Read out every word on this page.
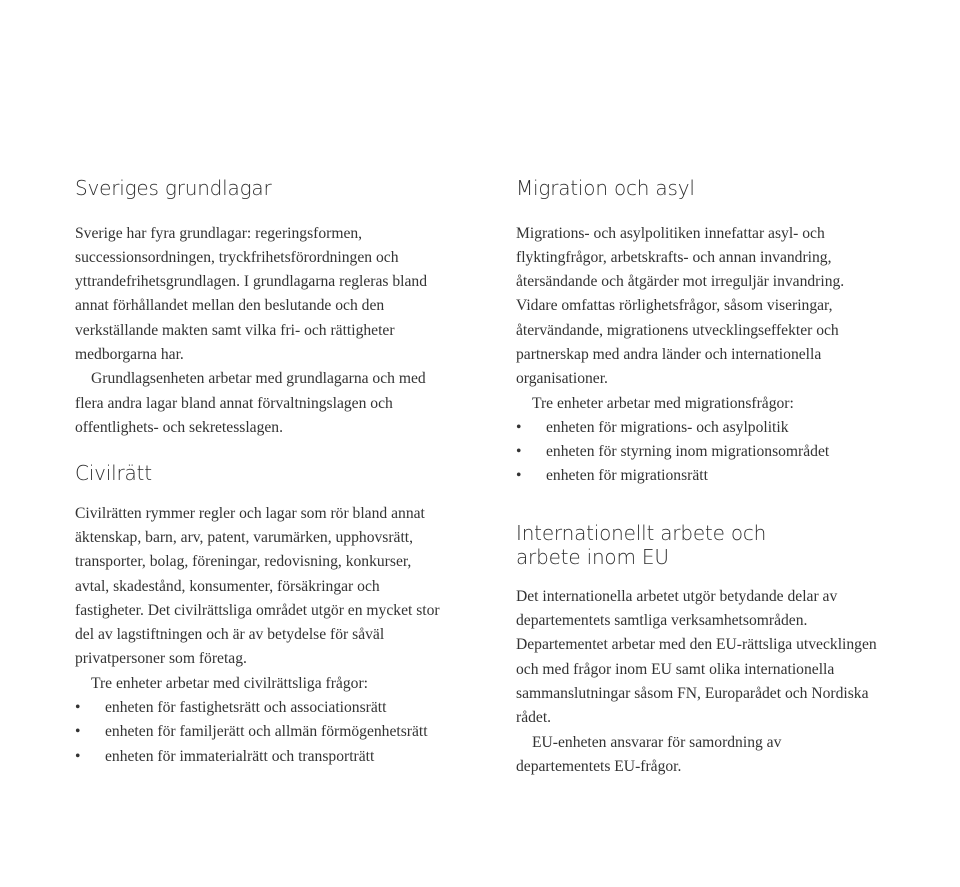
Sveriges grundlagar

Sverige har fyra grundlagar: regeringsformen, successionsordningen, tryckfrihetsförordningen och yttrandefrihetsgrundlagen. I grundlagarna regleras bland annat förhållandet mellan den beslutande och den verkställande makten samt vilka fri- och rättigheter medborgarna har.

Grundlagsenheten arbetar med grundlagarna och med flera andra lagar bland annat förvaltningslagen och offentlighets- och sekretesslagen.

Civilrätt

Civilrätten rymmer regler och lagar som rör bland annat äktenskap, barn, arv, patent, varumärken, upphovsrätt, transporter, bolag, föreningar, redovisning, konkurser, avtal, skadestånd, konsumenter, försäkringar och fastigheter. Det civilrättsliga området utgör en mycket stor del av lagstiftningen och är av betydelse för såväl privatpersoner som företag.

Tre enheter arbetar med civilrättsliga frågor:

• enheten för fastighetsrätt och associationsrätt
• enheten för familjerätt och allmän förmögenhetsrätt
• enheten för immaterialrätt och transporträtt
Migration och asyl

Migrations- och asylpolitiken innefattar asyl- och flyktingfrågor, arbetskrafts- och annan invandring, återsändande och åtgärder mot irreguljär invandring. Vidare omfattas rörlighetsfrågor, såsom viseringar, återvändande, migrationens utvecklingseffekter och partnerskap med andra länder och internationella organisationer.

Tre enheter arbetar med migrationsfrågor:

• enheten för migrations- och asylpolitik
• enheten för styrning inom migrationsområdet
• enheten för migrationsrätt
Internationellt arbete och
arbete inom EU

Det internationella arbetet utgör betydande delar av departementets samtliga verksamhetsområden. Departementet arbetar med den EU-rättsliga utvecklingen och med frågor inom EU samt olika internationella sammanslutningar såsom FN, Europarådet och Nordiska rådet.

EU-enheten ansvarar för samordning av departementets EU-frågor.
